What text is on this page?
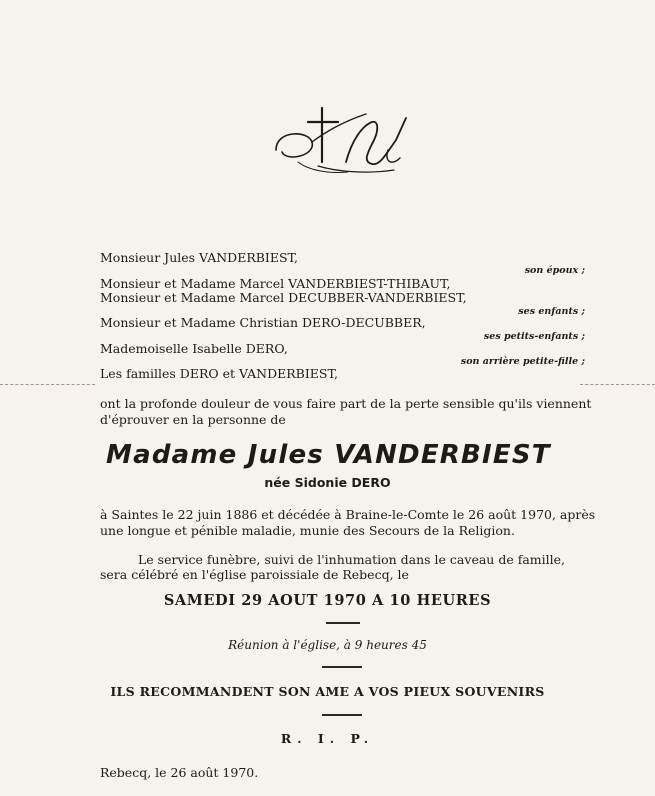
Monsieur Jules VANDERBIEST,
son époux ;
Monsieur et Madame Marcel VANDERBIEST-THIBAUT,
Monsieur et Madame Marcel DECUBBER-VANDERBIEST,
ses enfants ;
Monsieur et Madame Christian DERO-DECUBBER,
ses petits-enfants ;
Mademoiselle Isabelle DERO,
son arrière petite-fille ;
Les familles DERO et VANDERBIEST,
ont la profonde douleur de vous faire part de la perte sensible qu'ils viennent
d'éprouver en la personne de
Madame Jules VANDERBIEST
née Sidonie DERO
à Saintes le 22 juin 1886 et décédée à Braine-le-Comte le 26 août 1970, après
une longue et pénible maladie, munie des Secours de la Religion.
Le service funèbre, suivi de l'inhumation dans le caveau de famille,
sera célébré en l'église paroissiale de Rebecq, le
SAMEDI 29 AOUT 1970 A 10 HEURES
Réunion à l'église, à 9 heures 45
ILS RECOMMANDENT SON AME A VOS PIEUX SOUVENIRS
R. I. P.
Rebecq, le 26 août 1970.
